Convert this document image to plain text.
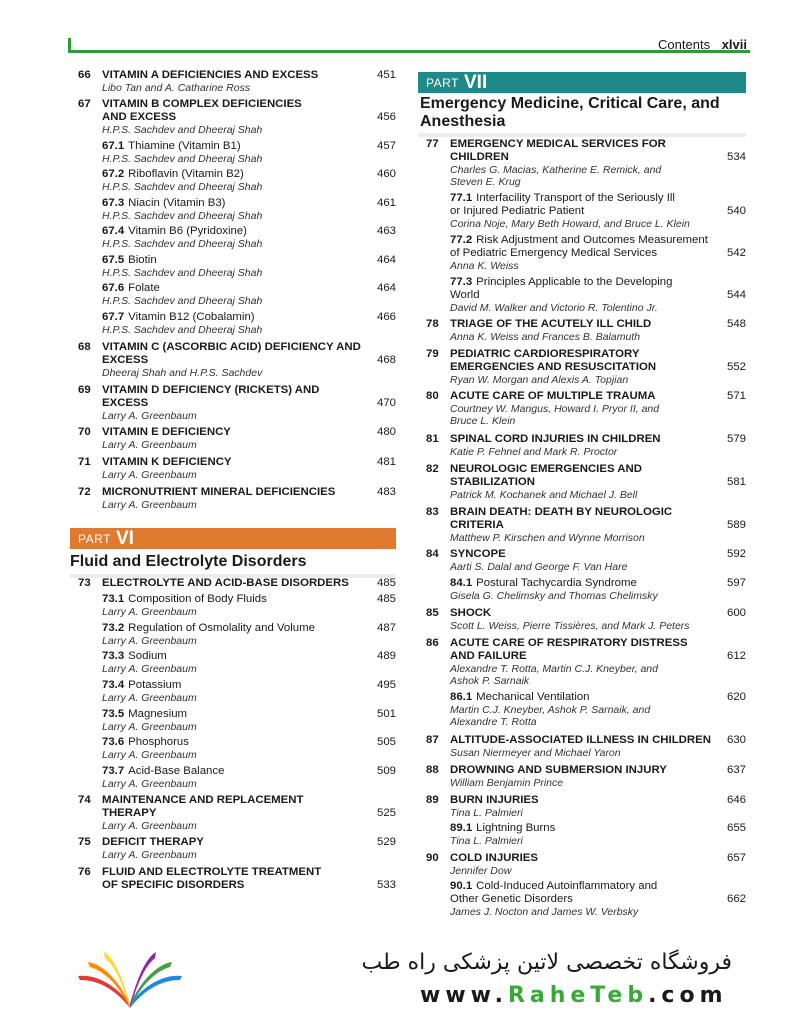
Contents xlvii
66 VITAMIN A DEFICIENCIES AND EXCESS	451
Libo Tan and A. Catharine Ross
67 VITAMIN B COMPLEX DEFICIENCIES
AND EXCESS	456
H.P.S. Sachdev and Dheeraj Shah
67.1 Thiamine (Vitamin B1)	457
H.P.S. Sachdev and Dheeraj Shah
67.2 Riboflavin (Vitamin B2)	460
H.P.S. Sachdev and Dheeraj Shah
67.3 Niacin (Vitamin B3)	461
H.P.S. Sachdev and Dheeraj Shah
67.4 Vitamin B6 (Pyridoxine)	463
H.P.S. Sachdev and Dheeraj Shah
67.5 Biotin	464
H.P.S. Sachdev and Dheeraj Shah
67.6 Folate	464
H.P.S. Sachdev and Dheeraj Shah
67.7 Vitamin B12 (Cobalamin)	466
H.P.S. Sachdev and Dheeraj Shah
68 VITAMIN C (ASCORBIC ACID) DEFICIENCY AND
EXCESS	468
Dheeraj Shah and H.P.S. Sachdev
69 VITAMIN D DEFICIENCY (RICKETS) AND
EXCESS	470
Larry A. Greenbaum
70 VITAMIN E DEFICIENCY	480
Larry A. Greenbaum
71 VITAMIN K DEFICIENCY	481
Larry A. Greenbaum
72 MICRONUTRIENT MINERAL DEFICIENCIES	483
Larry A. Greenbaum
PART VI
Fluid and Electrolyte Disorders
73 ELECTROLYTE AND ACID-BASE DISORDERS	485
73.1 Composition of Body Fluids	485
Larry A. Greenbaum
73.2 Regulation of Osmolality and Volume	487
Larry A. Greenbaum
73.3 Sodium	489
Larry A. Greenbaum
73.4 Potassium	495
Larry A. Greenbaum
73.5 Magnesium	501
Larry A. Greenbaum
73.6 Phosphorus	505
Larry A. Greenbaum
73.7 Acid-Base Balance	509
Larry A. Greenbaum
74 MAINTENANCE AND REPLACEMENT
THERAPY	525
Larry A. Greenbaum
75 DEFICIT THERAPY	529
Larry A. Greenbaum
76 FLUID AND ELECTROLYTE TREATMENT
OF SPECIFIC DISORDERS	533
PART VII
Emergency Medicine, Critical Care, and
Anesthesia
77 EMERGENCY MEDICAL SERVICES FOR
CHILDREN	534
Charles G. Macias, Katherine E. Remick, and
Steven E. Krug
77.1 Interfacility Transport of the Seriously Ill
or Injured Pediatric Patient	540
Corina Noje, Mary Beth Howard, and Bruce L. Klein
77.2 Risk Adjustment and Outcomes Measurement
of Pediatric Emergency Medical Services	542
Anna K. Weiss
77.3 Principles Applicable to the Developing
World	544
David M. Walker and Victorio R. Tolentino Jr.
78 TRIAGE OF THE ACUTELY ILL CHILD	548
Anna K. Weiss and Frances B. Balamuth
79 PEDIATRIC CARDIORESPIRATORY
EMERGENCIES AND RESUSCITATION	552
Ryan W. Morgan and Alexis A. Topjian
80 ACUTE CARE OF MULTIPLE TRAUMA	571
Courtney W. Mangus, Howard I. Pryor II, and
Bruce L. Klein
81 SPINAL CORD INJURIES IN CHILDREN	579
Katie P. Fehnel and Mark R. Proctor
82 NEUROLOGIC EMERGENCIES AND
STABILIZATION	581
Patrick M. Kochanek and Michael J. Bell
83 BRAIN DEATH: DEATH BY NEUROLOGIC
CRITERIA	589
Matthew P. Kirschen and Wynne Morrison
84 SYNCOPE	592
Aarti S. Dalal and George F. Van Hare
84.1 Postural Tachycardia Syndrome	597
Gisela G. Chelimsky and Thomas Chelimsky
85 SHOCK	600
Scott L. Weiss, Pierre Tissières, and Mark J. Peters
86 ACUTE CARE OF RESPIRATORY DISTRESS
AND FAILURE	612
Alexandre T. Rotta, Martin C.J. Kneyber, and
Ashok P. Sarnaik
86.1 Mechanical Ventilation	620
Martin C.J. Kneyber, Ashok P. Sarnaik, and
Alexandre T. Rotta
87 ALTITUDE-ASSOCIATED ILLNESS IN CHILDREN	630
Susan Niermeyer and Michael Yaron
88 DROWNING AND SUBMERSION INJURY	637
William Benjamin Prince
89 BURN INJURIES	646
Tina L. Palmieri
89.1 Lightning Burns	655
Tina L. Palmieri
90 COLD INJURIES	657
Jennifer Dow
90.1 Cold-Induced Autoinflammatory and
Other Genetic Disorders	662
James J. Nocton and James W. Verbsky
فروشگاه تخصصی لاتین پزشکی راه طب
www.RaheTeb.com
